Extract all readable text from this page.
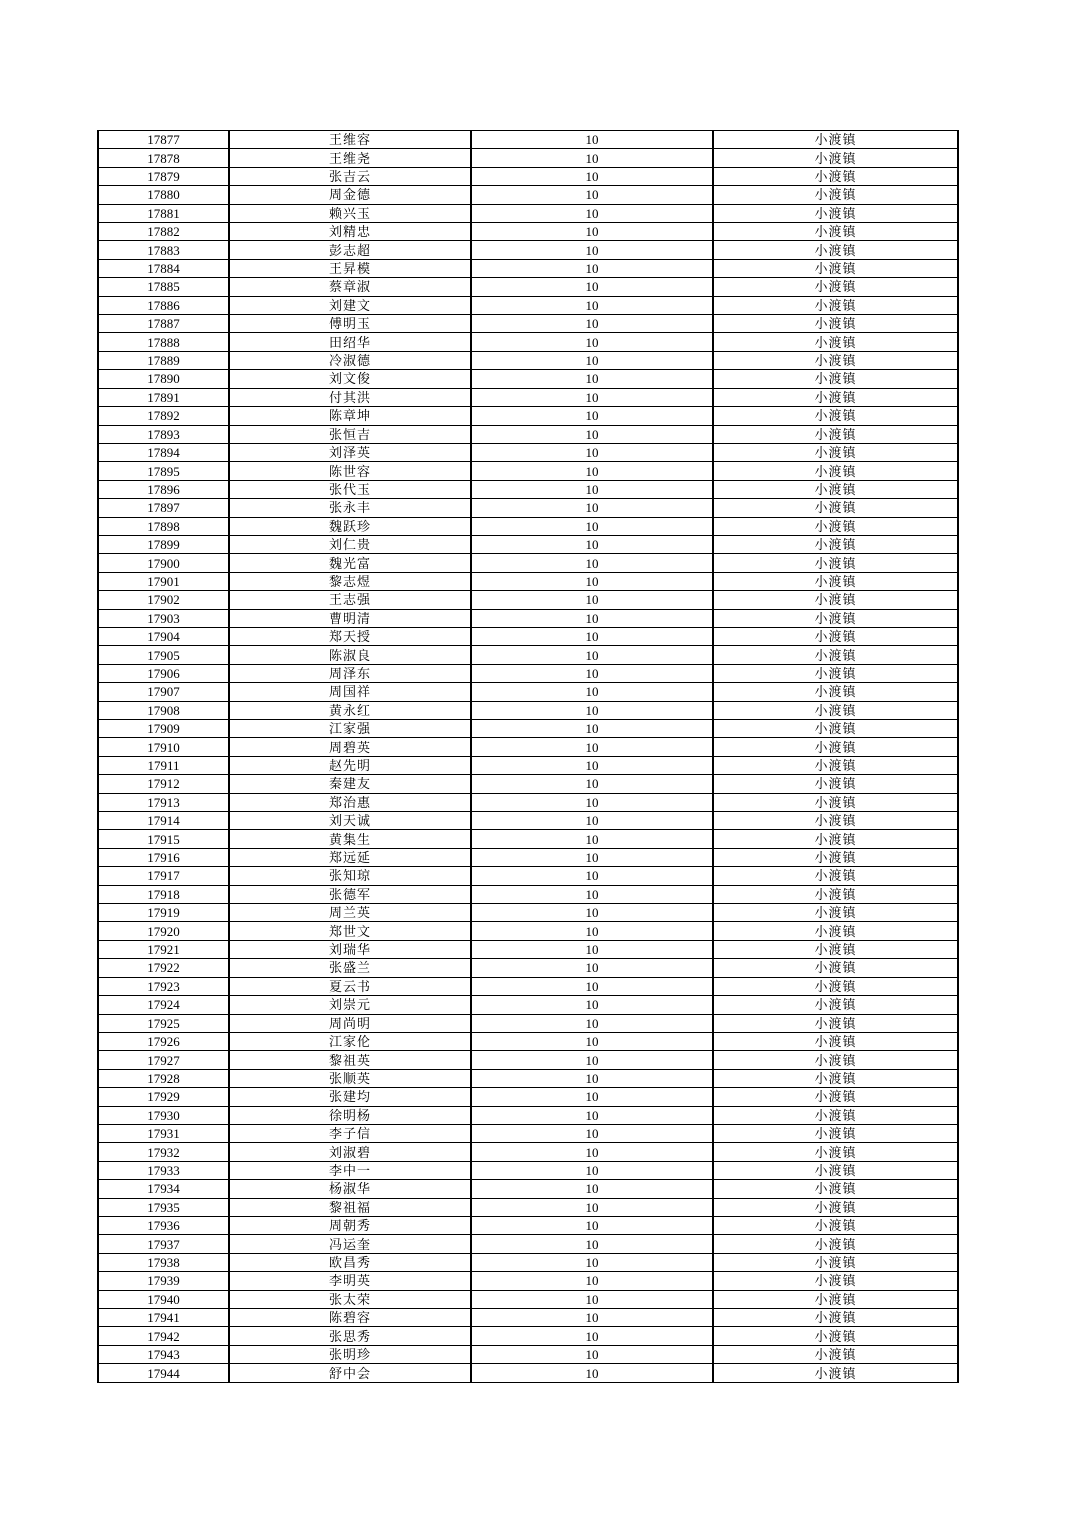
17877	王维容	10	小渡镇
17878	王维尧	10	小渡镇
17879	张吉云	10	小渡镇
17880	周金德	10	小渡镇
17881	赖兴玉	10	小渡镇
17882	刘精忠	10	小渡镇
17883	彭志超	10	小渡镇
17884	王昇模	10	小渡镇
17885	蔡章淑	10	小渡镇
17886	刘建文	10	小渡镇
17887	傅明玉	10	小渡镇
17888	田绍华	10	小渡镇
17889	冷淑德	10	小渡镇
17890	刘文俊	10	小渡镇
17891	付其洪	10	小渡镇
17892	陈章坤	10	小渡镇
17893	张恒吉	10	小渡镇
17894	刘泽英	10	小渡镇
17895	陈世容	10	小渡镇
17896	张代玉	10	小渡镇
17897	张永丰	10	小渡镇
17898	魏跃珍	10	小渡镇
17899	刘仁贵	10	小渡镇
17900	魏光富	10	小渡镇
17901	黎志煜	10	小渡镇
17902	王志强	10	小渡镇
17903	曹明清	10	小渡镇
17904	郑天授	10	小渡镇
17905	陈淑良	10	小渡镇
17906	周泽东	10	小渡镇
17907	周国祥	10	小渡镇
17908	黄永红	10	小渡镇
17909	江家强	10	小渡镇
17910	周碧英	10	小渡镇
17911	赵先明	10	小渡镇
17912	秦建友	10	小渡镇
17913	郑治惠	10	小渡镇
17914	刘天诚	10	小渡镇
17915	黄集生	10	小渡镇
17916	郑远延	10	小渡镇
17917	张知琼	10	小渡镇
17918	张德军	10	小渡镇
17919	周兰英	10	小渡镇
17920	郑世文	10	小渡镇
17921	刘瑞华	10	小渡镇
17922	张盛兰	10	小渡镇
17923	夏云书	10	小渡镇
17924	刘崇元	10	小渡镇
17925	周尚明	10	小渡镇
17926	江家伦	10	小渡镇
17927	黎祖英	10	小渡镇
17928	张顺英	10	小渡镇
17929	张建均	10	小渡镇
17930	徐明杨	10	小渡镇
17931	李子信	10	小渡镇
17932	刘淑碧	10	小渡镇
17933	李中一	10	小渡镇
17934	杨淑华	10	小渡镇
17935	黎祖福	10	小渡镇
17936	周朝秀	10	小渡镇
17937	冯运奎	10	小渡镇
17938	欧昌秀	10	小渡镇
17939	李明英	10	小渡镇
17940	张太荣	10	小渡镇
17941	陈碧容	10	小渡镇
17942	张思秀	10	小渡镇
17943	张明珍	10	小渡镇
17944	舒中会	10	小渡镇
